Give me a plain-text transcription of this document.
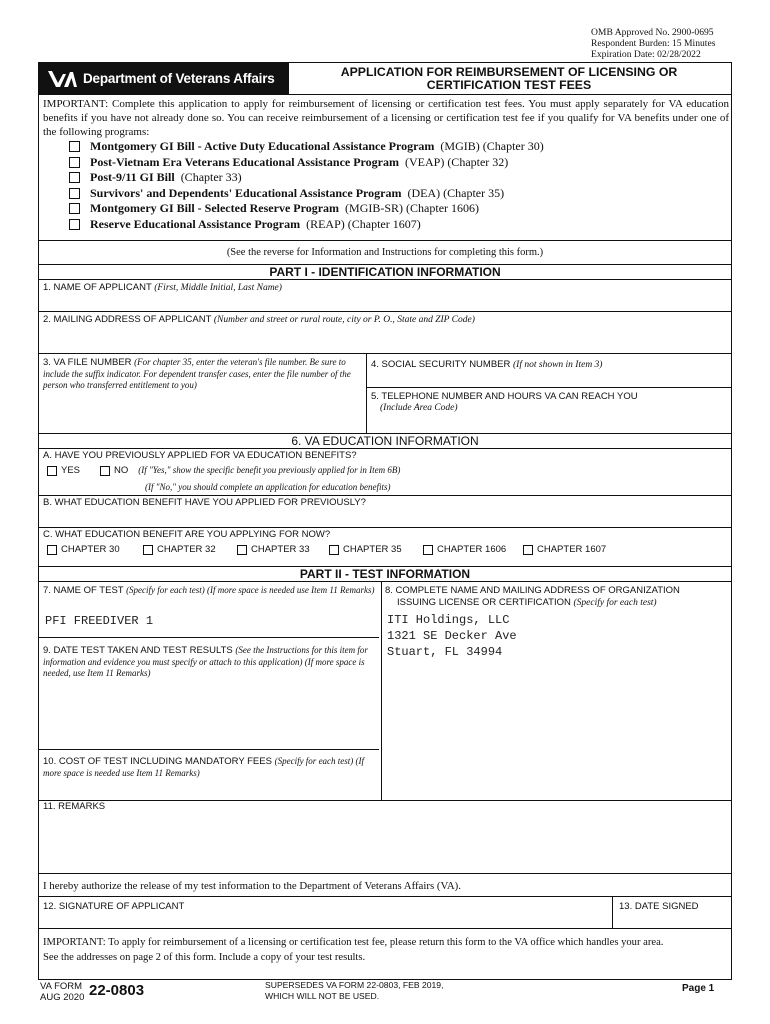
OMB Approved No. 2900-0695
Respondent Burden: 15 Minutes
Expiration Date: 02/28/2022
Department of Veterans Affairs	APPLICATION FOR REIMBURSEMENT OF LICENSING OR
CERTIFICATION TEST FEES
IMPORTANT: Complete this application to apply for reimbursement of licensing or certification test fees. You must apply separately for VA education benefits if you have not already done so. You can receive reimbursement of a licensing or certification test fee if you qualify for VA benefits under one of the following programs:
Montgomery GI Bill - Active Duty Educational Assistance Program
(MGIB) (Chapter 30)
Post-Vietnam Era Veterans Educational Assistance Program
(VEAP) (Chapter 32)
Post-9/11 GI Bill
(Chapter 33)
Survivors' and Dependents' Educational Assistance Program
(DEA) (Chapter 35)
Montgomery GI Bill - Selected Reserve Program
(MGIB-SR) (Chapter 1606)
Reserve Educational Assistance Program
(REAP) (Chapter 1607)
(See the reverse for Information and Instructions for completing this form.)
PART I - IDENTIFICATION INFORMATION
1. NAME OF APPLICANT (First, Middle Initial, Last Name)
2. MAILING ADDRESS OF APPLICANT (Number and street or rural route, city or P. O., State and ZIP Code)
3. VA FILE NUMBER (For chapter 35, enter the veteran's file number. Be sure to include the suffix indicator. For dependent transfer cases, enter the file number of the person who transferred entitlement to you)
4. SOCIAL SECURITY NUMBER (If not shown in Item 3)
5. TELEPHONE NUMBER AND HOURS VA CAN REACH YOU
(Include Area Code)
6. VA EDUCATION INFORMATION
A. HAVE YOU PREVIOUSLY APPLIED FOR VA EDUCATION BENEFITS?
YES	NO (If "Yes," show the specific benefit you previously applied for in Item 6B)
(If "No," you should complete an application for education benefits)
B. WHAT EDUCATION BENEFIT HAVE YOU APPLIED FOR PREVIOUSLY?
C. WHAT EDUCATION BENEFIT ARE YOU APPLYING FOR NOW?
CHAPTER 30	CHAPTER 32	CHAPTER 33	CHAPTER 35	CHAPTER 1606	CHAPTER 1607
PART II - TEST INFORMATION
7. NAME OF TEST (Specify for each test) (If more space is needed use Item 11 Remarks)
PFI FREEDIVER 1
8. COMPLETE NAME AND MAILING ADDRESS OF ORGANIZATION
ISSUING LICENSE OR CERTIFICATION (Specify for each test)
ITI Holdings, LLC
1321 SE Decker Ave
Stuart, FL 34994
9. DATE TEST TAKEN AND TEST RESULTS (See the Instructions for this item for information and evidence you must specify or attach to this application) (If more space is needed, use Item 11 Remarks)
10. COST OF TEST INCLUDING MANDATORY FEES (Specify for each test) (If more space is needed use Item 11 Remarks)
11. REMARKS
I hereby authorize the release of my test information to the Department of Veterans Affairs (VA).
12. SIGNATURE OF APPLICANT	13. DATE SIGNED
IMPORTANT: To apply for reimbursement of a licensing or certification test fee, please return this form to the VA office which handles your area.
See the addresses on page 2 of this form. Include a copy of your test results.
VA FORM
AUG 2020 22-0803	SUPERSEDES VA FORM 22-0803, FEB 2019,
WHICH WILL NOT BE USED.
Page 1
